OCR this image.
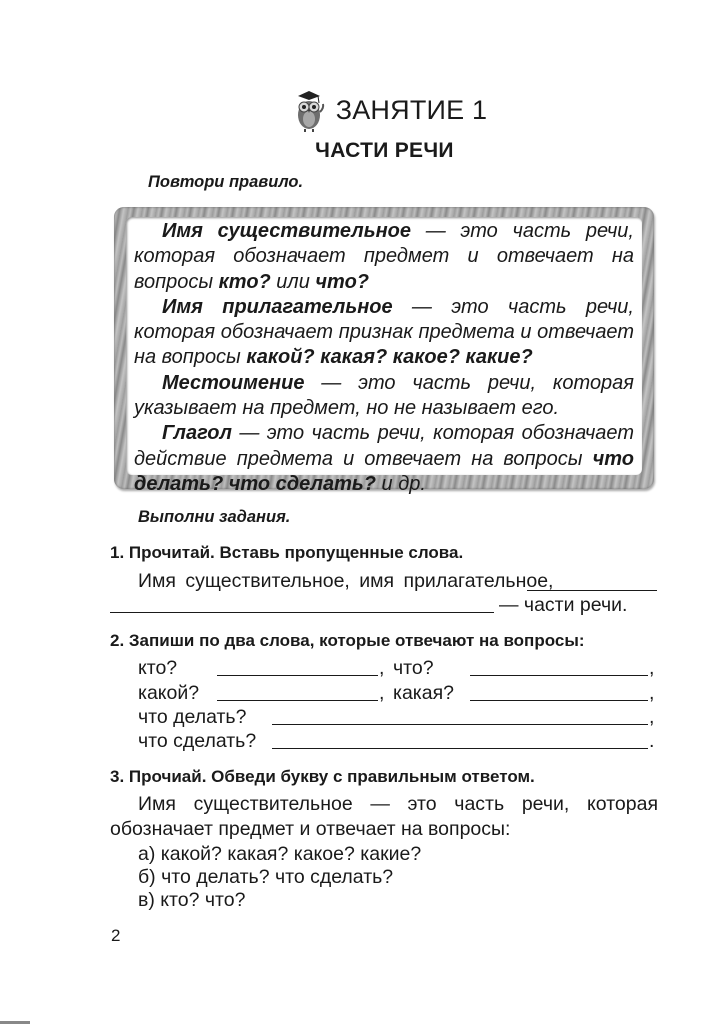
ЗАНЯТИЕ 1
ЧАСТИ РЕЧИ
Повтори правило.

Имя существительное — это часть речи, которая обозначает предмет и отвечает на вопросы кто? или что?

Имя прилагательное — это часть речи, которая обозначает признак предмета и отвечает на вопросы какой? какая? какое? какие?

Местоимение — это часть речи, которая указывает на предмет, но не называет его.

Глагол — это часть речи, которая обозначает действие предмета и отвечает на вопросы что делать? что сделать? и др.

Выполни задания.
1. Прочитай. Вставь пропущенные слова.
Имя существительное, имя прилагательное,
— части речи.
2. Запиши по два слова, которые отвечают на вопросы:
кто?	, что?	,
какой?	, какая?	,
что делать?	,
что сделать?	.
3. Прочиай. Обведи букву с правильным ответом.
Имя существительное — это часть речи, которая
обозначает предмет и отвечает на вопросы:
а) какой? какая? какое? какие?
б) что делать? что сделать?
в) кто? что?
2
